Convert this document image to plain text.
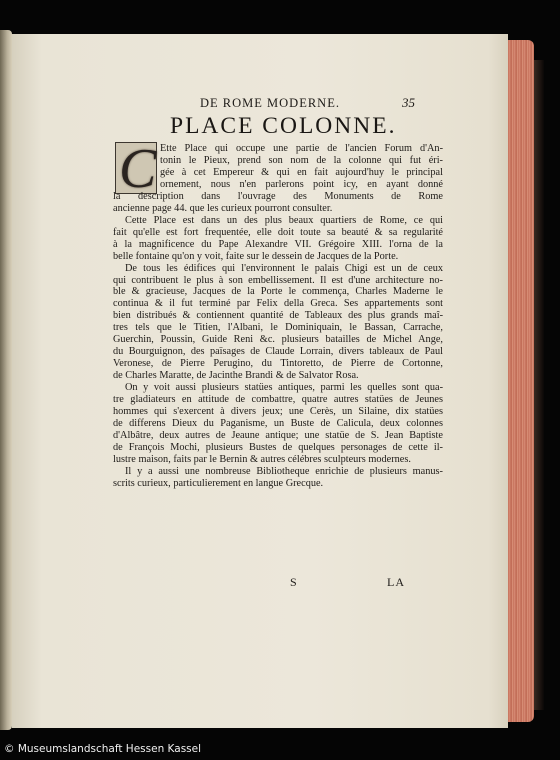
DE ROME MODERNE.	35
PLACE COLONNE.
C Ette Place qui occupe une partie de l'ancien Forum d'An-
S	LA
© Museumslandschaft Hessen Kassel
tonin le Pieux, prend son nom de la colonne qui fut éri-
gée à cet Empereur & qui en fait aujourd'huy le principal
ornement, nous n'en parlerons point icy, en ayant donné
la description dans l'ouvrage des Monuments de Rome
ancienne page 44. que les curieux pourront consulter.
Cette Place est dans un des plus beaux quartiers de Rome, ce qui
fait qu'elle est fort frequentée, elle doit toute sa beauté & sa regularité
à la magnificence du Pape Alexandre VII. Grégoire XIII. l'orna de la
belle fontaine qu'on y voit, faite sur le dessein de Jacques de la Porte.
De tous les édifices qui l'environnent le palais Chigi est un de ceux
qui contribuent le plus à son embellissement. Il est d'une architecture no-
ble & gracieuse, Jacques de la Porte le commença, Charles Maderne le
continua & il fut terminé par Felix della Greca. Ses appartements sont
bien distribués & contiennent quantité de Tableaux des plus grands maî-
tres tels que le Titien, l'Albani, le Dominiquain, le Bassan, Carrache,
Guerchin, Poussin, Guide Reni &c. plusieurs batailles de Michel Ange,
du Bourguignon, des païsages de Claude Lorrain, divers tableaux de Paul
Veronese, de Pierre Perugino, du Tintoretto, de Pierre de Cortonne,
de Charles Maratte, de Jacinthe Brandi & de Salvator Rosa.
On y voit aussi plusieurs statües antiques, parmi les quelles sont qua-
tre gladiateurs en attitude de combattre, quatre autres statües de Jeunes
hommes qui s'exercent à divers jeux; une Cerès, un Silaine, dix statües
de differens Dieux du Paganisme, un Buste de Calicula, deux colonnes
d'Albâtre, deux autres de Jeaune antique; une statüe de S. Jean Baptiste
de François Mochi, plusieurs Bustes de quelques personages de cette il-
lustre maison, faits par le Bernin & autres célébres sculpteurs modernes.
Il y a aussi une nombreuse Bibliotheque enrichie de plusieurs manus-
scrits curieux, particulierement en langue Grecque.
